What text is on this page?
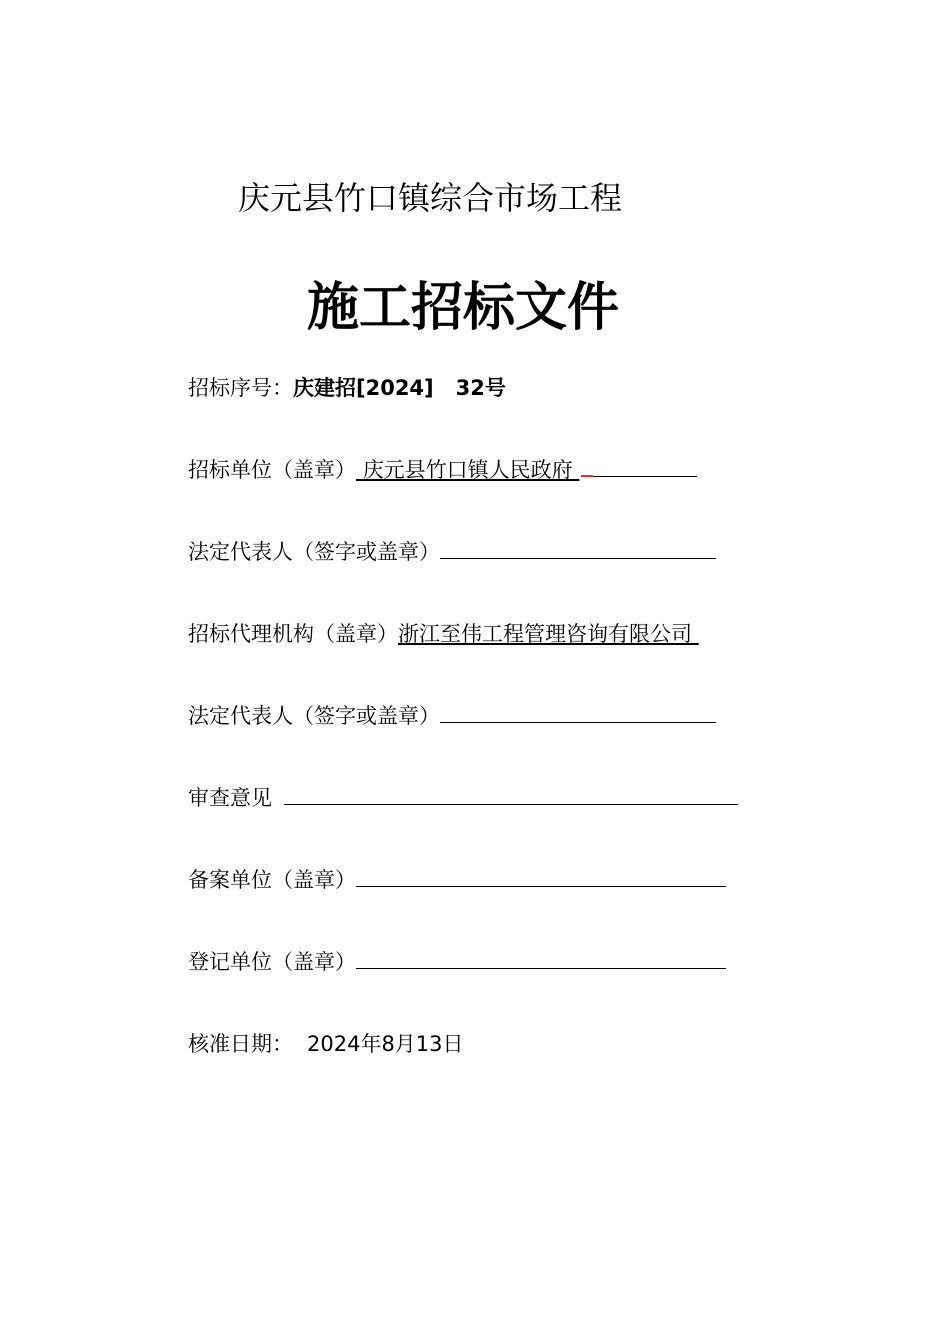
庆元县竹口镇综合市场工程
施工招标文件
招标序号：庆建招[2024] 32号
招标单位（盖章） 庆元县竹口镇人民政府
法定代表人（签字或盖章）
招标代理机构（盖章）浙江至伟工程管理咨询有限公司
法定代表人（签字或盖章）
审查意见
备案单位（盖章）
登记单位（盖章）
核准日期： 2024年8月13日
